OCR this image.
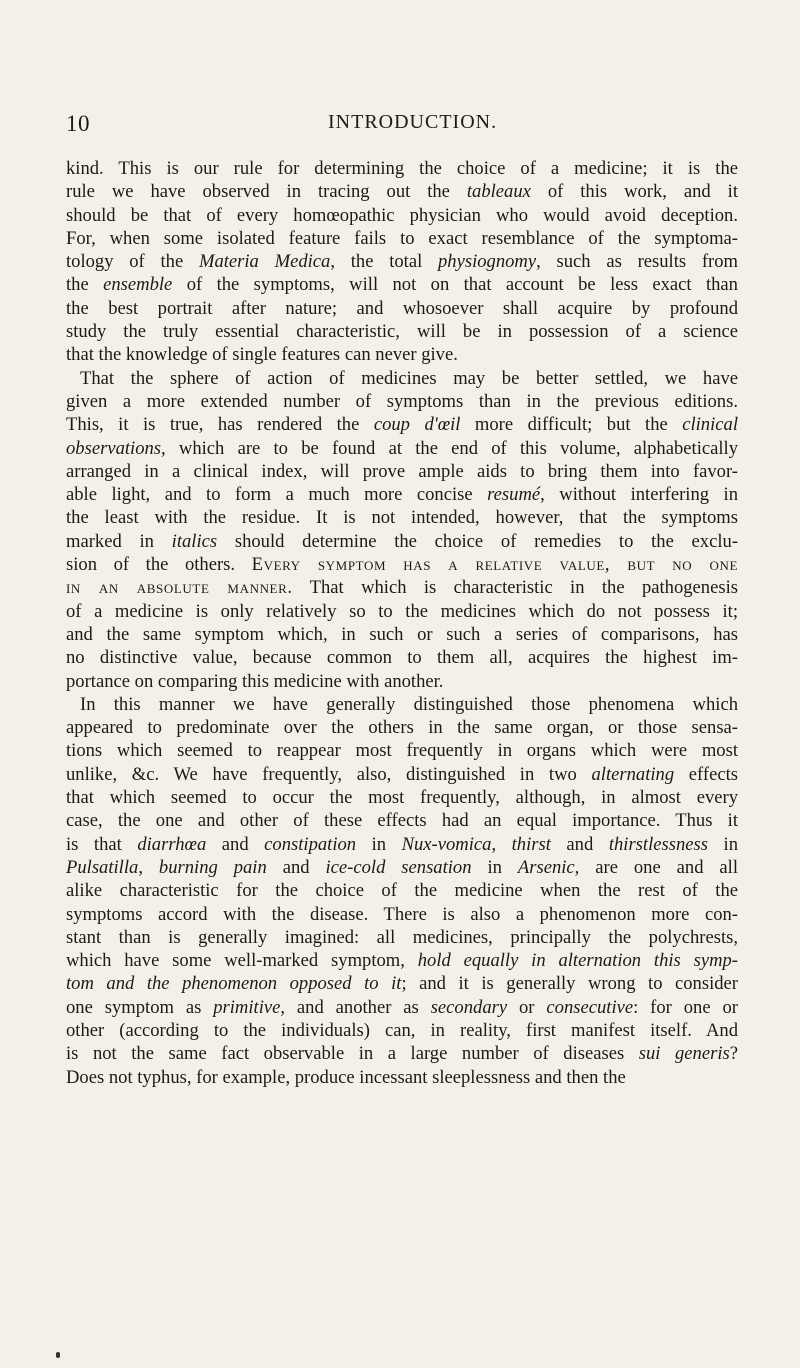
10	INTRODUCTION.
kind. This is our rule for determining the choice of a medicine; it is the
rule we have observed in tracing out the tableaux of this work, and it
should be that of every homœopathic physician who would avoid deception.
For, when some isolated feature fails to exact resemblance of the symptoma-
tology of the Materia Medica, the total physiognomy, such as results from
the ensemble of the symptoms, will not on that account be less exact than
the best portrait after nature; and whosoever shall acquire by profound
study the truly essential characteristic, will be in possession of a science
that the knowledge of single features can never give.
That the sphere of action of medicines may be better settled, we have
given a more extended number of symptoms than in the previous editions.
This, it is true, has rendered the coup d'œil more difficult; but the clinical
observations, which are to be found at the end of this volume, alphabetically
arranged in a clinical index, will prove ample aids to bring them into favor-
able light, and to form a much more concise resumé, without interfering in
the least with the residue. It is not intended, however, that the symptoms
marked in italics should determine the choice of remedies to the exclu-
sion of the others. Every symptom has a relative value, but no one
in an absolute manner. That which is characteristic in the pathogenesis
of a medicine is only relatively so to the medicines which do not possess it;
and the same symptom which, in such or such a series of comparisons, has
no distinctive value, because common to them all, acquires the highest im-
portance on comparing this medicine with another.
In this manner we have generally distinguished those phenomena which
appeared to predominate over the others in the same organ, or those sensa-
tions which seemed to reappear most frequently in organs which were most
unlike, &c. We have frequently, also, distinguished in two alternating effects
that which seemed to occur the most frequently, although, in almost every
case, the one and other of these effects had an equal importance. Thus it
is that diarrhœa and constipation in Nux-vomica, thirst and thirstlessness in
Pulsatilla, burning pain and ice-cold sensation in Arsenic, are one and all
alike characteristic for the choice of the medicine when the rest of the
symptoms accord with the disease. There is also a phenomenon more con-
stant than is generally imagined: all medicines, principally the polychrests,
which have some well-marked symptom, hold equally in alternation this symp-
tom and the phenomenon opposed to it; and it is generally wrong to consider
one symptom as primitive, and another as secondary or consecutive: for one or
other (according to the individuals) can, in reality, first manifest itself. And
is not the same fact observable in a large number of diseases sui generis?
Does not typhus, for example, produce incessant sleeplessness and then the
